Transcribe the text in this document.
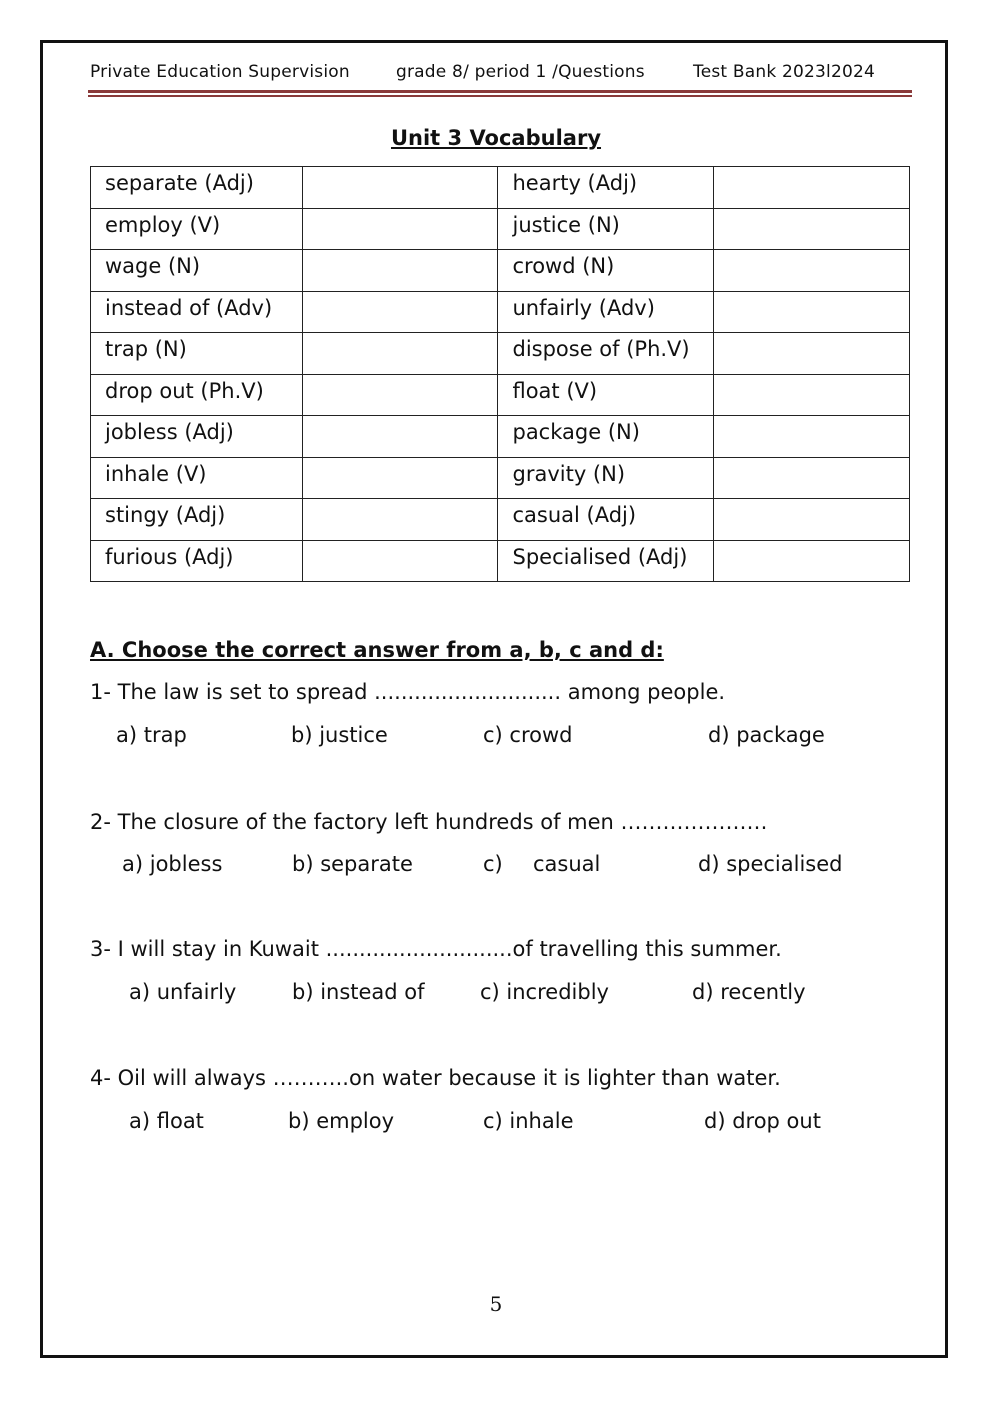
Private Education Supervision	grade 8/ period 1 /Questions	Test Bank 2023l2024
Unit 3 Vocabulary
separate (Adj)		hearty (Adj)	
employ (V)		justice (N)	
wage (N)		crowd (N)	
instead of (Adv)		unfairly (Adv)	
trap (N)		dispose of (Ph.V)	
drop out (Ph.V)		float (V)	
jobless (Adj)		package (N)	
inhale (V)		gravity (N)	
stingy (Adj)		casual (Adj)	
furious (Adj)		Specialised (Adj)	
A. Choose the correct answer from a, b, c and d:
1- The law is set to spread ............................ among people.
a) trap	b) justice	c) crowd	d) package
2- The closure of the factory left hundreds of men …………………
a) jobless	b) separate	c) casual	d) specialised
3- I will stay in Kuwait ............................of travelling this summer.
a) unfairly	b) instead of	c) incredibly	d) recently
4- Oil will always ………..on water because it is lighter than water.
a) float	b) employ	c) inhale	d) drop out
5
